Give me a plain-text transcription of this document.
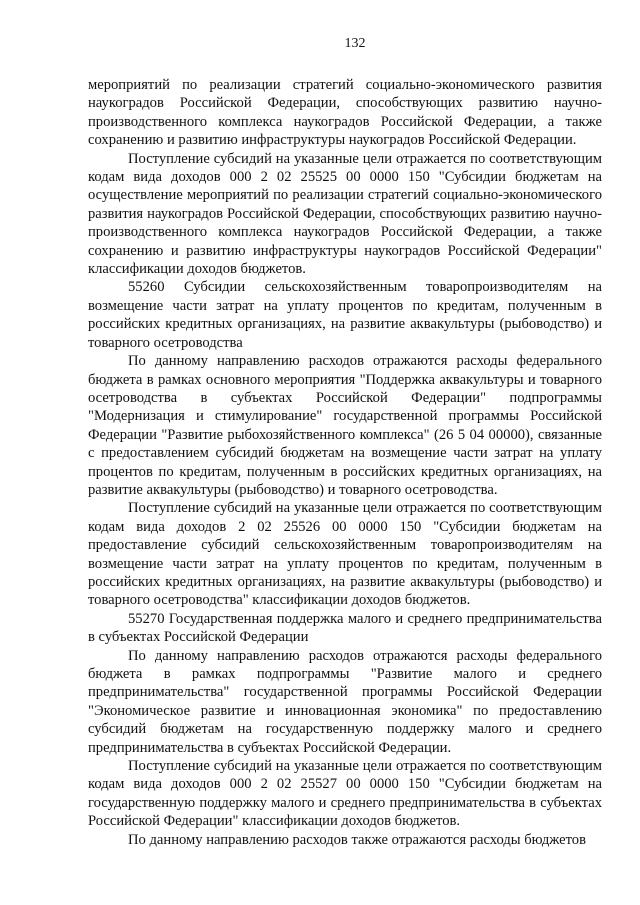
132

мероприятий по реализации стратегий социально-экономического развития наукоградов Российской Федерации, способствующих развитию научно-производственного комплекса наукоградов Российской Федерации, а также сохранению и развитию инфраструктуры наукоградов Российской Федерации.

Поступление субсидий на указанные цели отражается по соответствующим кодам вида доходов 000 2 02 25525 00 0000 150 "Субсидии бюджетам на осуществление мероприятий по реализации стратегий социально-экономического развития наукоградов Российской Федерации, способствующих развитию научно-производственного комплекса наукоградов Российской Федерации, а также сохранению и развитию инфраструктуры наукоградов Российской Федерации" классификации доходов бюджетов.

55260 Субсидии сельскохозяйственным товаропроизводителям на возмещение части затрат на уплату процентов по кредитам, полученным в российских кредитных организациях, на развитие аквакультуры (рыбоводство) и товарного осетроводства

По данному направлению расходов отражаются расходы федерального бюджета в рамках основного мероприятия "Поддержка аквакультуры и товарного осетроводства в субъектах Российской Федерации" подпрограммы "Модернизация и стимулирование" государственной программы Российской Федерации "Развитие рыбохозяйственного комплекса" (26 5 04 00000), связанные с предоставлением субсидий бюджетам на возмещение части затрат на уплату процентов по кредитам, полученным в российских кредитных организациях, на развитие аквакультуры (рыбоводство) и товарного осетроводства.

Поступление субсидий на указанные цели отражается по соответствующим кодам вида доходов 2 02 25526 00 0000 150 "Субсидии бюджетам на предоставление субсидий сельскохозяйственным товаропроизводителям на возмещение части затрат на уплату процентов по кредитам, полученным в российских кредитных организациях, на развитие аквакультуры (рыбоводство) и товарного осетроводства" классификации доходов бюджетов.

55270 Государственная поддержка малого и среднего предпринимательства в субъектах Российской Федерации

По данному направлению расходов отражаются расходы федерального бюджета в рамках подпрограммы "Развитие малого и среднего предпринимательства" государственной программы Российской Федерации "Экономическое развитие и инновационная экономика" по предоставлению субсидий бюджетам на государственную поддержку малого и среднего предпринимательства в субъектах Российской Федерации.

Поступление субсидий на указанные цели отражается по соответствующим кодам вида доходов 000 2 02 25527 00 0000 150 "Субсидии бюджетам на государственную поддержку малого и среднего предпринимательства в субъектах Российской Федерации" классификации доходов бюджетов.

По данному направлению расходов также отражаются расходы бюджетов
